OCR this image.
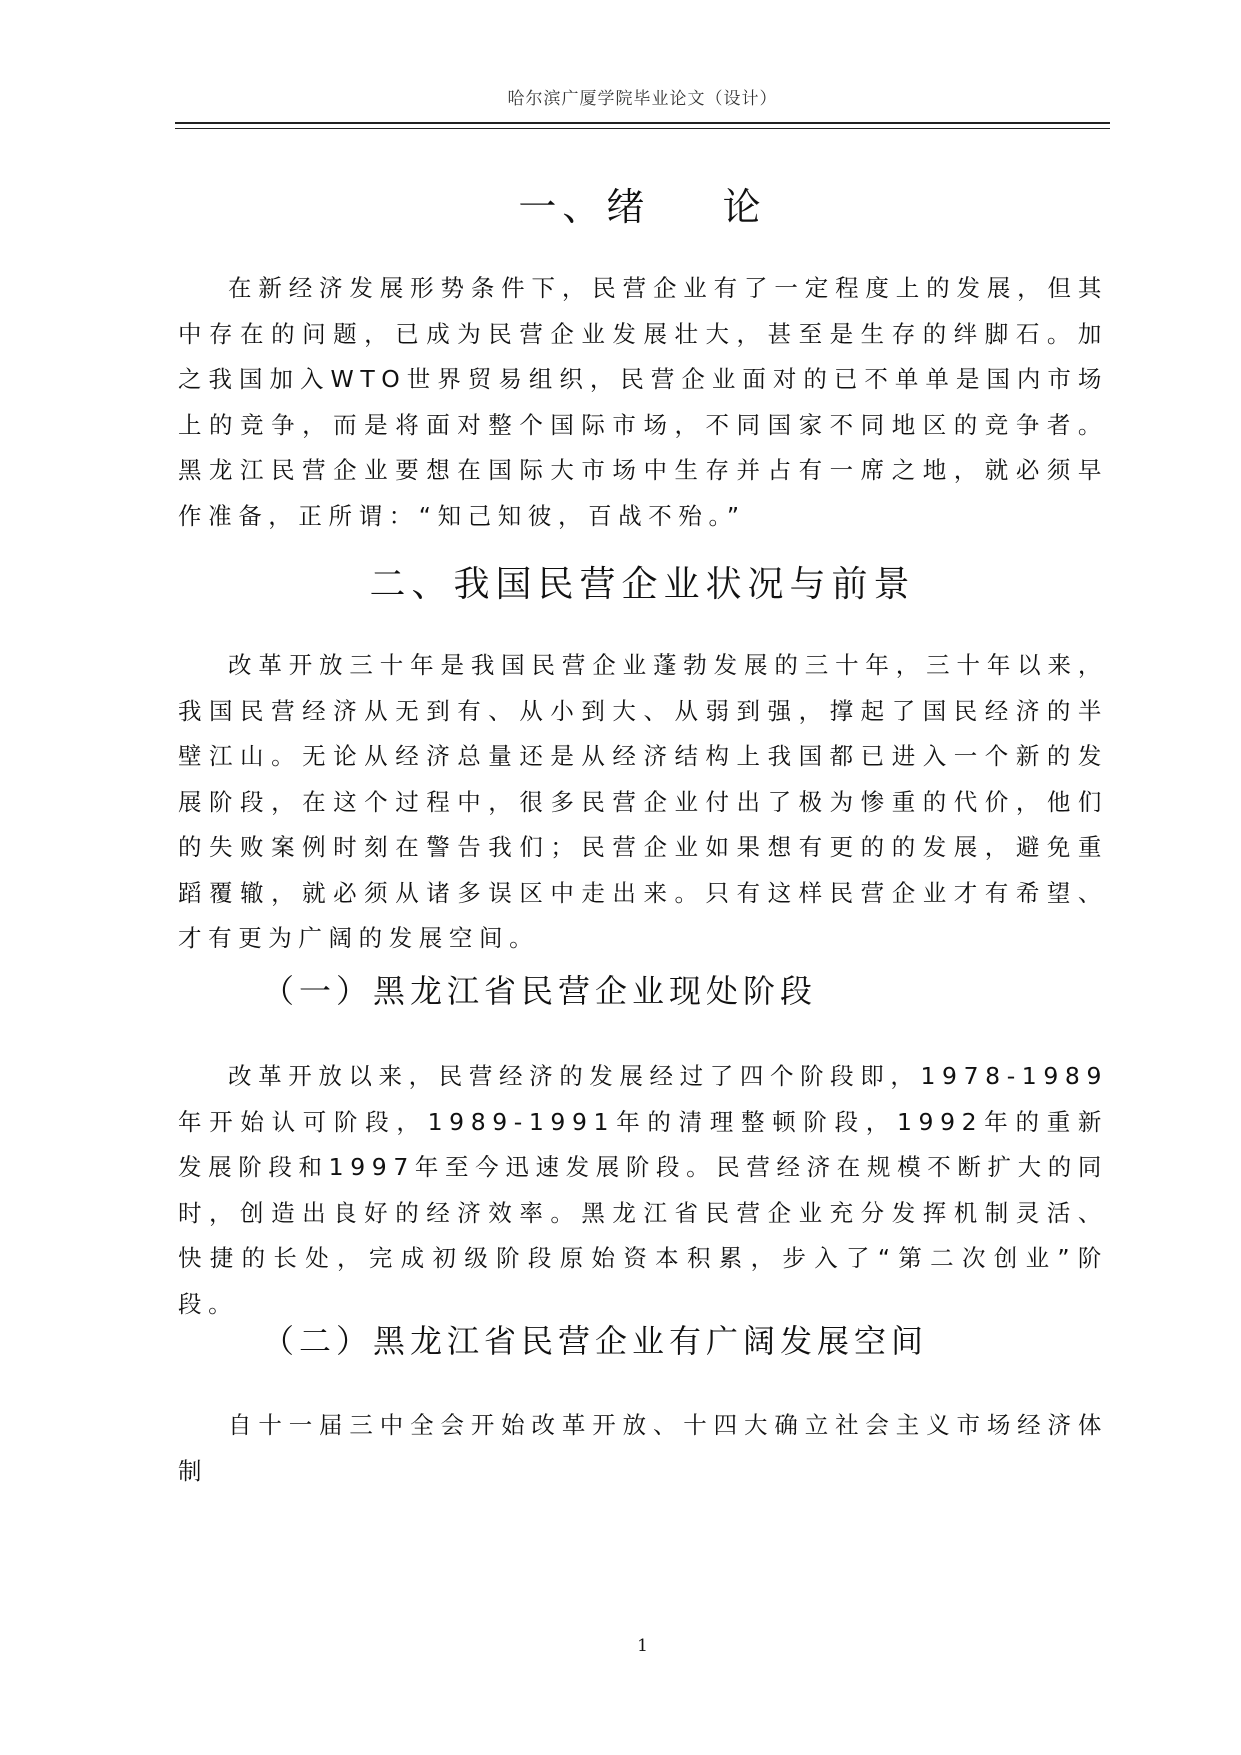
哈尔滨广厦学院毕业论文（设计）
一、绪    论

在新经济发展形势条件下，民营企业有了一定程度上的发展，但其中存在的问题，已成为民营企业发展壮大，甚至是生存的绊脚石。加之我国加入WTO世界贸易组织，民营企业面对的已不单单是国内市场上的竞争，而是将面对整个国际市场，不同国家不同地区的竞争者。黑龙江民营企业要想在国际大市场中生存并占有一席之地，就必须早作准备，正所谓：“知己知彼，百战不殆。”

二、我国民营企业状况与前景

改革开放三十年是我国民营企业蓬勃发展的三十年，三十年以来，我国民营经济从无到有、从小到大、从弱到强，撑起了国民经济的半壁江山。无论从经济总量还是从经济结构上我国都已进入一个新的发展阶段，在这个过程中，很多民营企业付出了极为惨重的代价，他们的失败案例时刻在警告我们；民营企业如果想有更的的发展，避免重蹈覆辙，就必须从诸多误区中走出来。只有这样民营企业才有希望、才有更为广阔的发展空间。

（一）黑龙江省民营企业现处阶段

改革开放以来，民营经济的发展经过了四个阶段即，1978-1989年开始认可阶段，1989-1991年的清理整顿阶段，1992年的重新发展阶段和1997年至今迅速发展阶段。民营经济在规模不断扩大的同时，创造出良好的经济效率。黑龙江省民营企业充分发挥机制灵活、快捷的长处，完成初级阶段原始资本积累，步入了“第二次创业”阶段。

（二）黑龙江省民营企业有广阔发展空间

自十一届三中全会开始改革开放、十四大确立社会主义市场经济体制

1
